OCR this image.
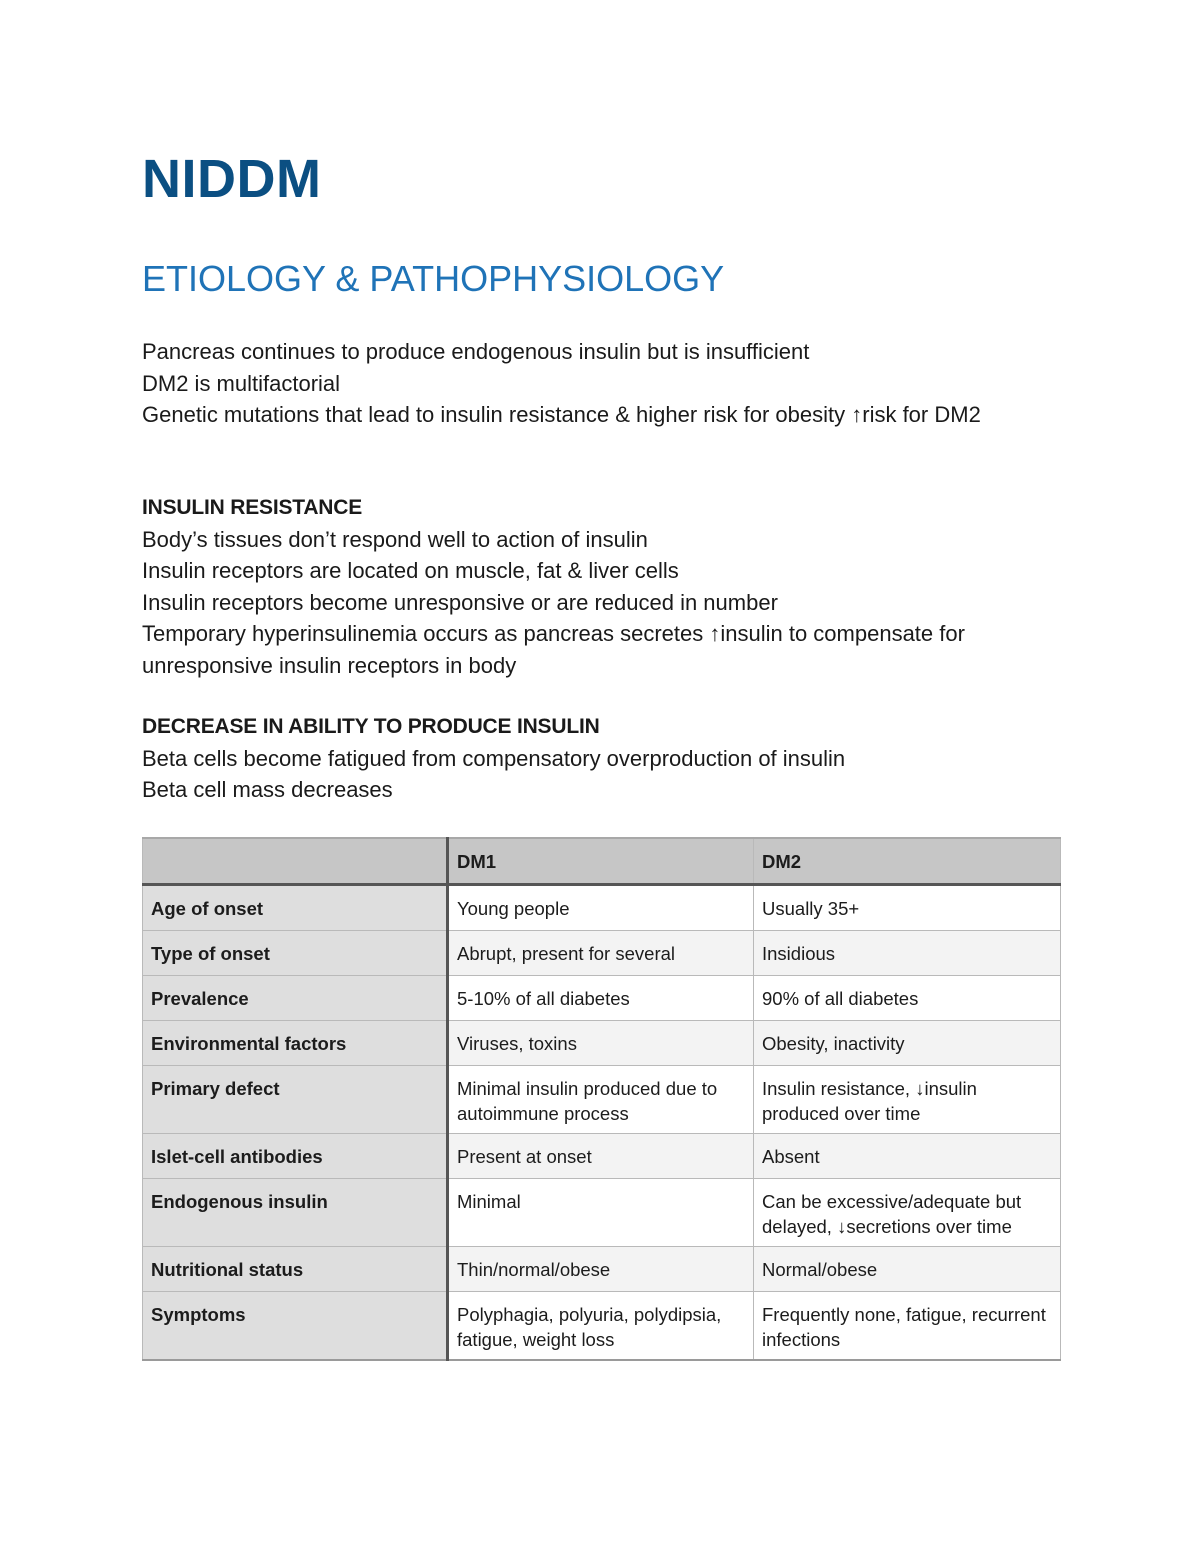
NIDDM
ETIOLOGY & PATHOPHYSIOLOGY

Pancreas continues to produce endogenous insulin but is insufficient

DM2 is multifactorial

Genetic mutations that lead to insulin resistance & higher risk for obesity ↑risk for DM2

INSULIN RESISTANCE

Body’s tissues don’t respond well to action of insulin

Insulin receptors are located on muscle, fat & liver cells

Insulin receptors become unresponsive or are reduced in number

Temporary hyperinsulinemia occurs as pancreas secretes ↑insulin to compensate for unresponsive insulin receptors in body

DECREASE IN ABILITY TO PRODUCE INSULIN

Beta cells become fatigued from compensatory overproduction of insulin

Beta cell mass decreases

	DM1	DM2
Age of onset	Young people	Usually 35+
Type of onset	Abrupt, present for several	Insidious
Prevalence	5-10% of all diabetes	90% of all diabetes
Environmental factors	Viruses, toxins	Obesity, inactivity
Primary defect	Minimal insulin produced due to autoimmune process	Insulin resistance, ↓insulin produced over time
Islet-cell antibodies	Present at onset	Absent
Endogenous insulin	Minimal	Can be excessive/adequate but delayed, ↓secretions over time
Nutritional status	Thin/normal/obese	Normal/obese
Symptoms	Polyphagia, polyuria, polydipsia, fatigue, weight loss	Frequently none, fatigue, recurrent infections
